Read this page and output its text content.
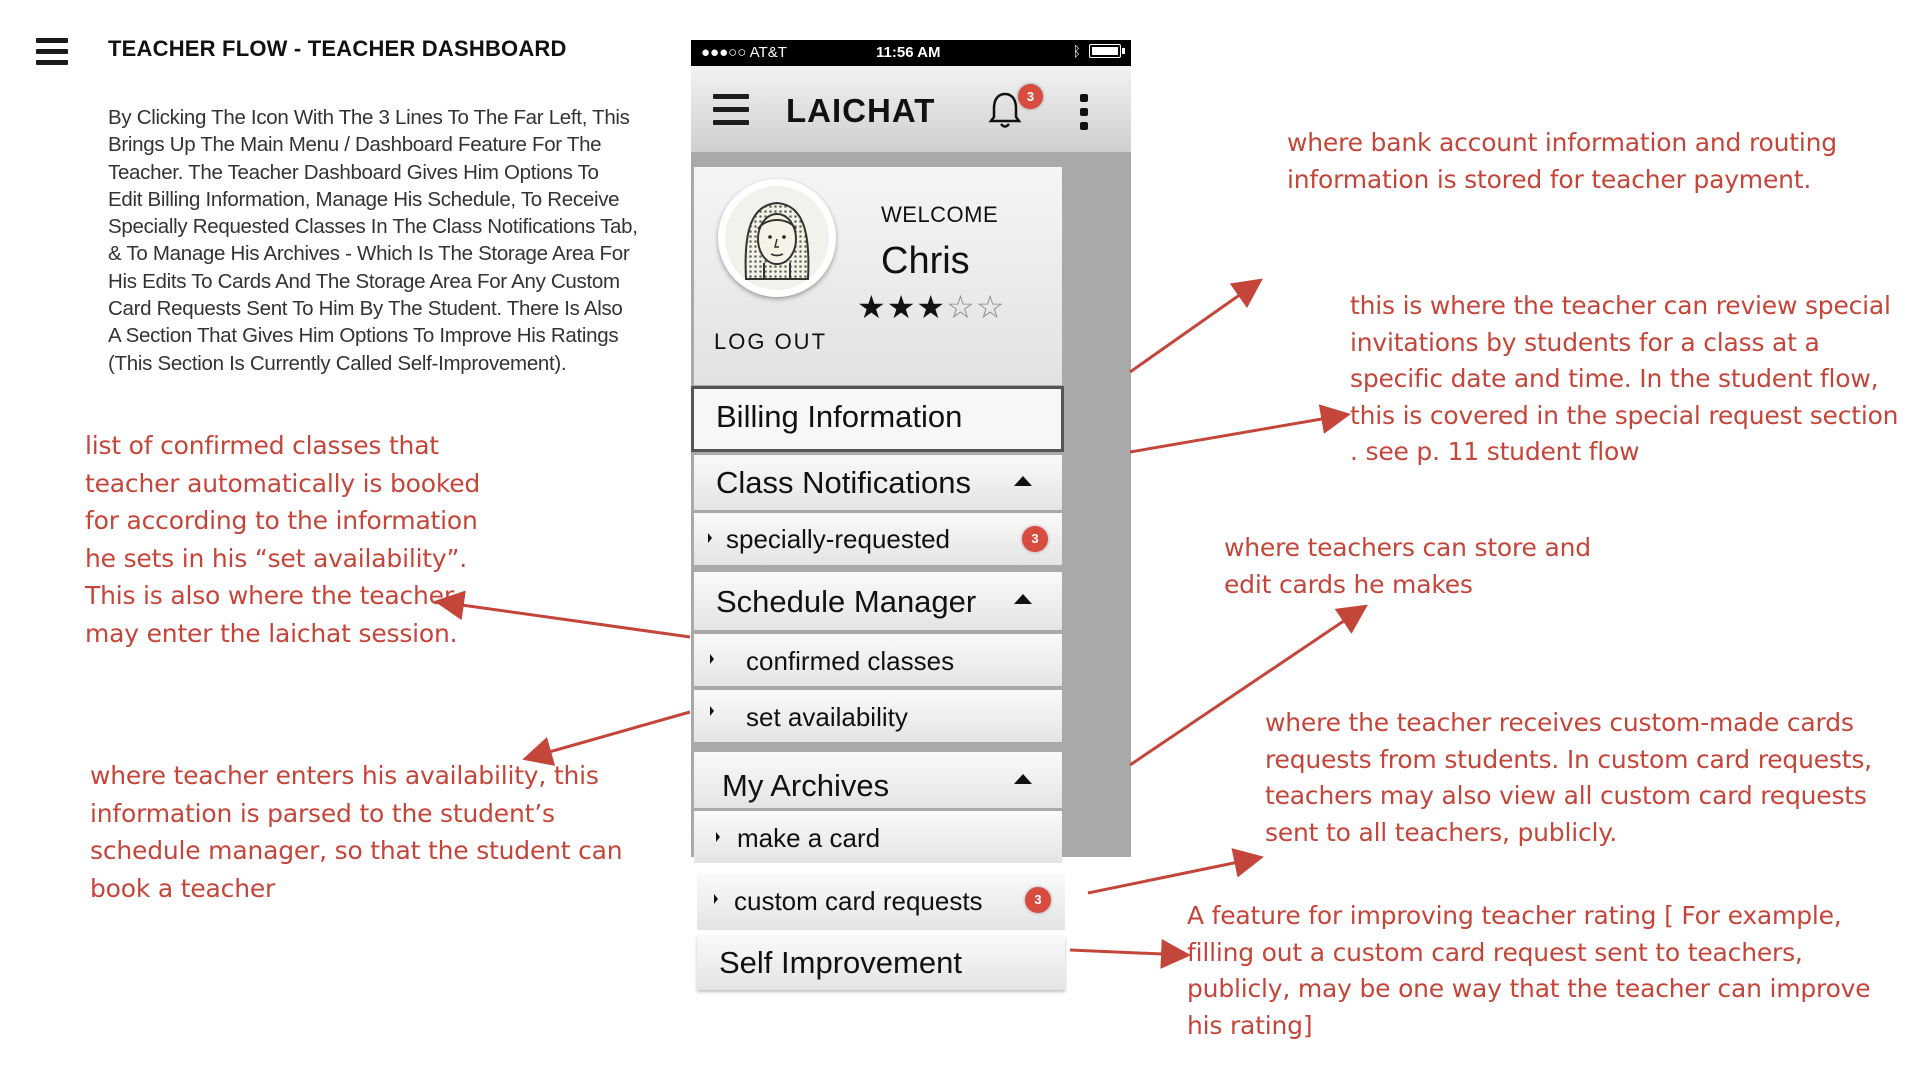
TEACHER FLOW - TEACHER DASHBOARD
By Clicking The Icon With The 3 Lines To The Far Left, This Brings Up The Main Menu / Dashboard Feature For The Teacher. The Teacher Dashboard Gives Him Options To Edit Billing Information, Manage His Schedule, To Receive Specially Requested Classes In The Class Notifications Tab, & To Manage His Archives - Which Is The Storage Area For His Edits To Cards And The Storage Area For Any Custom Card Requests Sent To Him By The Student. There Is Also A Section That Gives Him Options To Improve His Ratings (This Section Is Currently Called Self-Improvement).
●●●○○ AT&T	11:56 AM	ᛒ
LAICHAT	3
WELCOME
Chris
★★★☆☆
LOG OUT
Billing Information
Class Notifications
specially-requested	3
Schedule Manager
confirmed classes
set availability
My Archives
make a card
custom card requests	3
Self Improvement
where bank account information and routing information is stored for teacher payment.
this is where the teacher can review special invitations by students for a class at a specific date and time. In the student flow, this is covered in the special request section . see p. 11 student flow
where teachers can store and edit cards he makes
where the teacher receives custom-made cards requests from students. In custom card requests, teachers may also view all custom card requests sent to all teachers, publicly.
A feature for improving teacher rating [ For example, filling out a custom card request sent to teachers, publicly, may be one way that the teacher can improve his rating]
list of confirmed classes that teacher automatically is booked for according to the information he sets in his “set availability”. This is also where the teacher may enter the laichat session.
where teacher enters his availability, this information is parsed to the student’s schedule manager, so that the student can book a teacher
